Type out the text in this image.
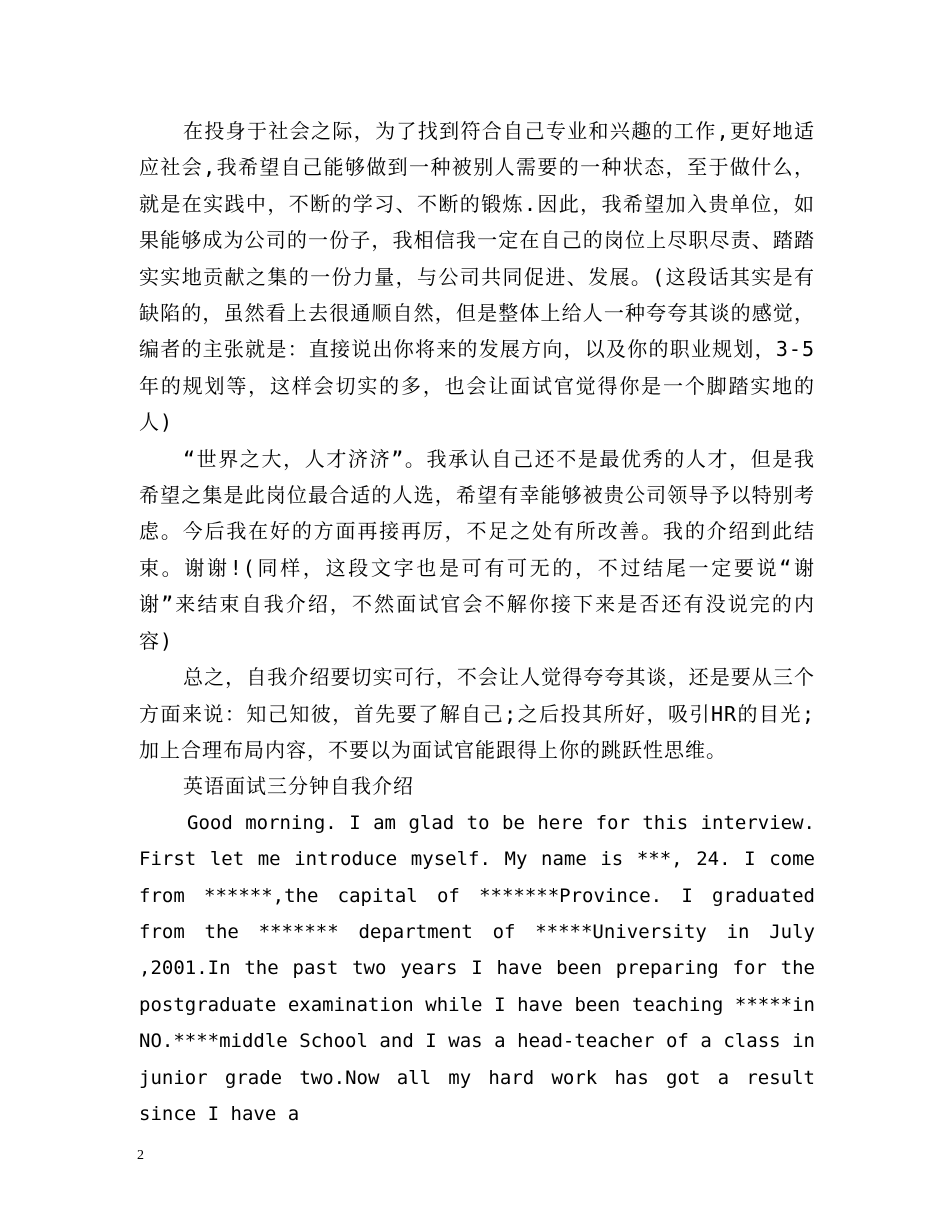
在投身于社会之际，为了找到符合自己专业和兴趣的工作,更好地适应社会,我希望自己能够做到一种被别人需要的一种状态，至于做什么，就是在实践中，不断的学习、不断的锻炼.因此，我希望加入贵单位，如果能够成为公司的一份子，我相信我一定在自己的岗位上尽职尽责、踏踏实实地贡献之集的一份力量，与公司共同促进、发展。(这段话其实是有缺陷的，虽然看上去很通顺自然，但是整体上给人一种夸夸其谈的感觉，编者的主张就是：直接说出你将来的发展方向，以及你的职业规划，3-5年的规划等，这样会切实的多，也会让面试官觉得你是一个脚踏实地的人)

“世界之大，人才济济”。我承认自己还不是最优秀的人才，但是我希望之集是此岗位最合适的人选，希望有幸能够被贵公司领导予以特别考虑。今后我在好的方面再接再厉，不足之处有所改善。我的介绍到此结束。谢谢!(同样，这段文字也是可有可无的，不过结尾一定要说“谢谢”来结束自我介绍，不然面试官会不解你接下来是否还有没说完的内容)

总之，自我介绍要切实可行，不会让人觉得夸夸其谈，还是要从三个方面来说：知己知彼，首先要了解自己;之后投其所好，吸引HR的目光;加上合理布局内容，不要以为面试官能跟得上你的跳跃性思维。

英语面试三分钟自我介绍

Good morning. I am glad to be here for this interview. First let me introduce myself. My name is ***, 24. I come from ******,the capital of *******Province. I graduated from the ******* department of *****University in July ,2001.In the past two years I have been preparing for the postgraduate examination while I have been teaching *****in NO.****middle School and I was a head-teacher of a class in junior grade two.Now all my hard work has got a result since I have a

2
